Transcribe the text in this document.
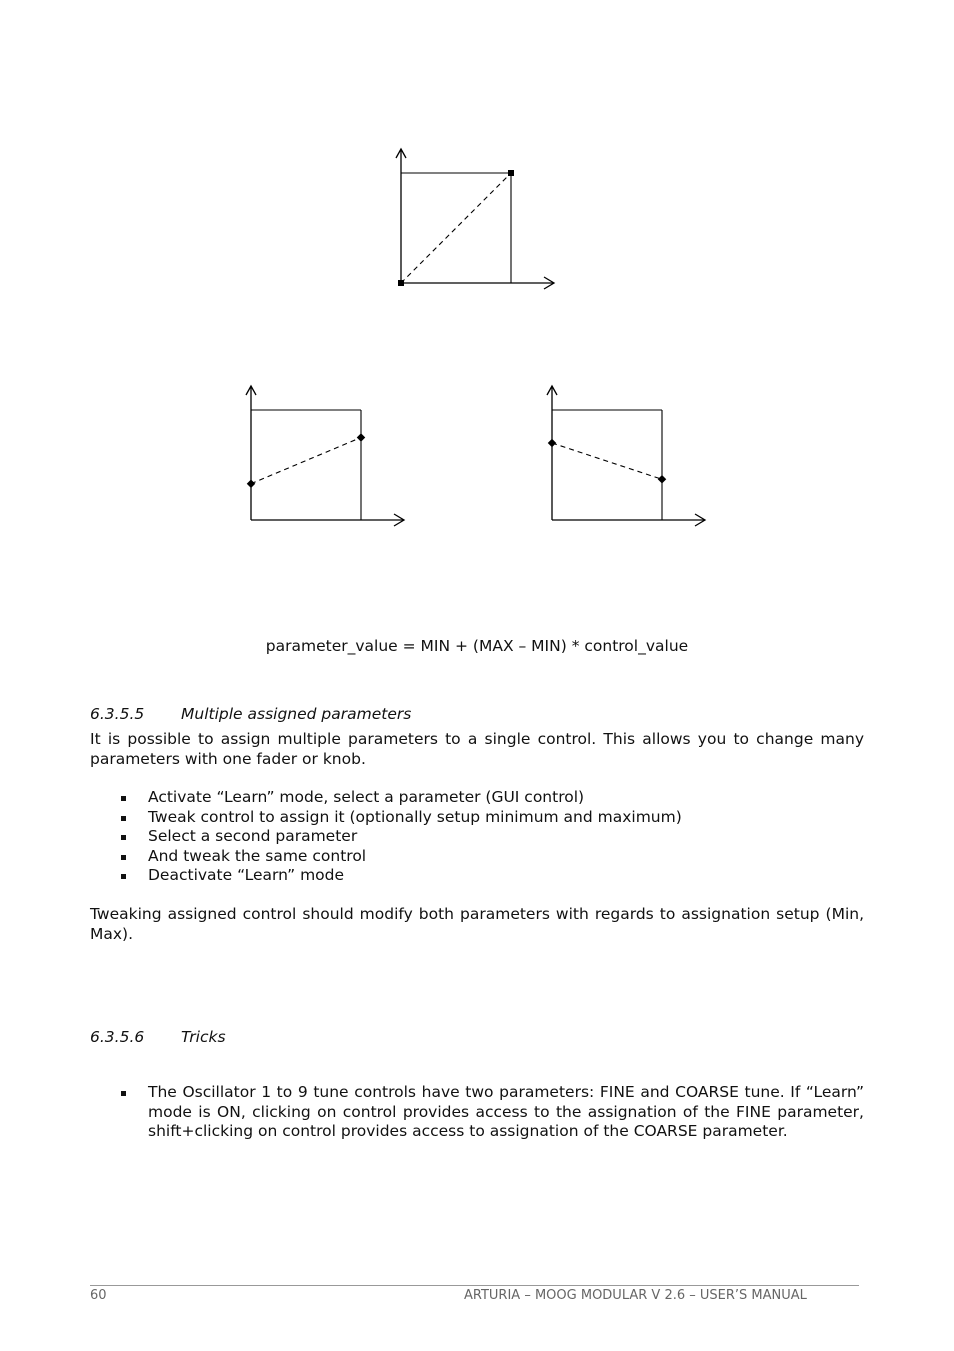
parameter_value = MIN + (MAX – MIN) * control_value
6.3.5.5 Multiple assigned parameters
It is possible to assign multiple parameters to a single control. This allows you to change many parameters with one fader or knob.
Activate “Learn” mode, select a parameter (GUI control)
Tweak control to assign it (optionally setup minimum and maximum)
Select a second parameter
And tweak the same control
Deactivate “Learn” mode
Tweaking assigned control should modify both parameters with regards to assignation setup (Min, Max).
6.3.5.6 Tricks
The Oscillator 1 to 9 tune controls have two parameters: FINE and COARSE tune. If “Learn” mode is ON, clicking on control provides access to the assignation of the FINE parameter, shift+clicking on control provides access to assignation of the COARSE parameter.
60	ARTURIA – MOOG MODULAR V 2.6 – USER’S MANUAL
